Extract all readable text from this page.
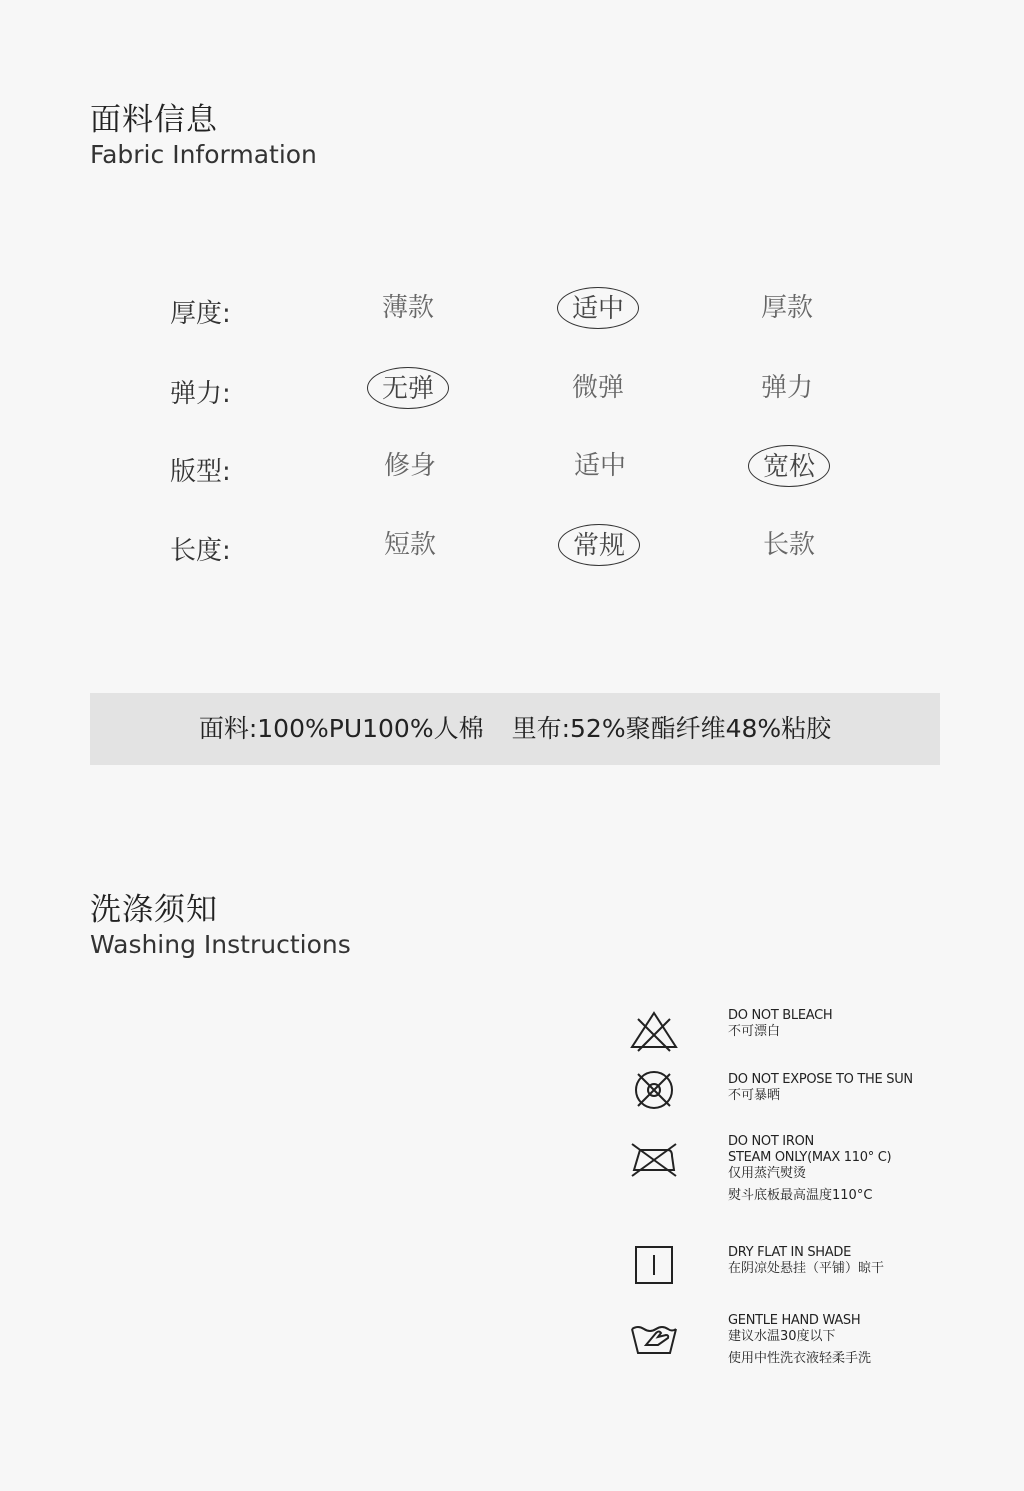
面料信息
Fabric Information
厚度:	薄款	适中	厚款
弹力:	无弹	微弹	弹力
版型:	修身	适中	宽松
长度:	短款	常规	长款
面料:100%PU100%人棉 里布:52%聚酯纤维48%粘胶
洗涤须知
Washing Instructions
DO NOT BLEACH
不可漂白
DO NOT EXPOSE TO THE SUN
不可暴晒
DO NOT IRON
STEAM ONLY(MAX 110° C)
仅用蒸汽熨烫
熨斗底板最高温度110°C
DRY FLAT IN SHADE
在阴凉处悬挂（平铺）晾干
GENTLE HAND WASH
建议水温30度以下
使用中性洗衣液轻柔手洗
